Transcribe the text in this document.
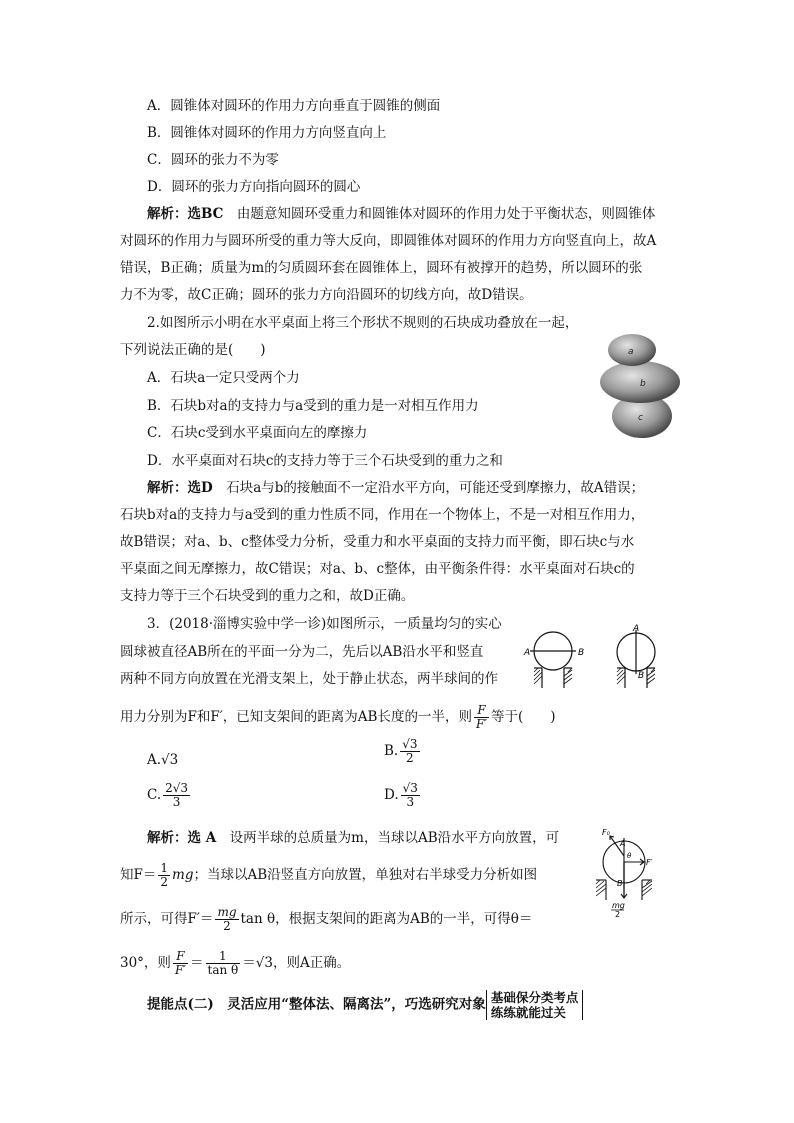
A．圆锥体对圆环的作用力方向垂直于圆锥的侧面
B．圆锥体对圆环的作用力方向竖直向上
C．圆环的张力不为零
D．圆环的张力方向指向圆环的圆心
解析：选BC　由题意知圆环受重力和圆锥体对圆环的作用力处于平衡状态，则圆锥体
对圆环的作用力与圆环所受的重力等大反向，即圆锥体对圆环的作用力方向竖直向上，故A
错误，B正确；质量为m的匀质圆环套在圆锥体上，圆环有被撑开的趋势，所以圆环的张
力不为零，故C正确；圆环的张力方向沿圆环的切线方向，故D错误。
2.如图所示小明在水平桌面上将三个形状不规则的石块成功叠放在一起，
下列说法正确的是(　　)
A．石块a一定只受两个力
B．石块b对a的支持力与a受到的重力是一对相互作用力
C．石块c受到水平桌面向左的摩擦力
D．水平桌面对石块c的支持力等于三个石块受到的重力之和
a
b
c
解析：选D　石块a与b的接触面不一定沿水平方向，可能还受到摩擦力，故A错误；
石块b对a的支持力与a受到的重力性质不同，作用在一个物体上，不是一对相互作用力，
故B错误；对a、b、c整体受力分析，受重力和水平桌面的支持力而平衡，即石块c与水
平桌面之间无摩擦力，故C错误；对a、b、c整体，由平衡条件得：水平桌面对石块c的
支持力等于三个石块受到的重力之和，故D正确。
3．(2018·淄博实验中学一诊)如图所示，一质量均匀的实心
圆球被直径AB所在的平面一分为二，先后以AB沿水平和竖直
两种不同方向放置在光滑支架上，处于静止状态，两半球间的作
用力分别为F和F′，已知支架间的距离为AB长度的一半，则 $\frac{F}{F'}$ 等于(　　)
A	B
A
B
A.√3
B. $\frac{√3}{2}$
C. $\frac{2√3}{3}$	D. $\frac{√3}{3}$
解析：选 A　设两半球的总质量为m，当球以AB沿水平方向放置，可
知$F= \frac{1}{2}$ mg；当球以AB沿竖直方向放置，单独对右半球受力分析如图
所示，可得$F'= \frac{mg}{2}$ tan θ，根据支架间的距离为AB的一半，可得θ＝
30°，则 $\frac{F}{F'} = \frac{1}{\text{tan θ}} =√3$，则A正确。
F₀
A
θ
F′
B
mg
2
提能点(二)　灵活应用“整体法、隔离法”，巧选研究对象 基础保分类考点
练练就能过关
